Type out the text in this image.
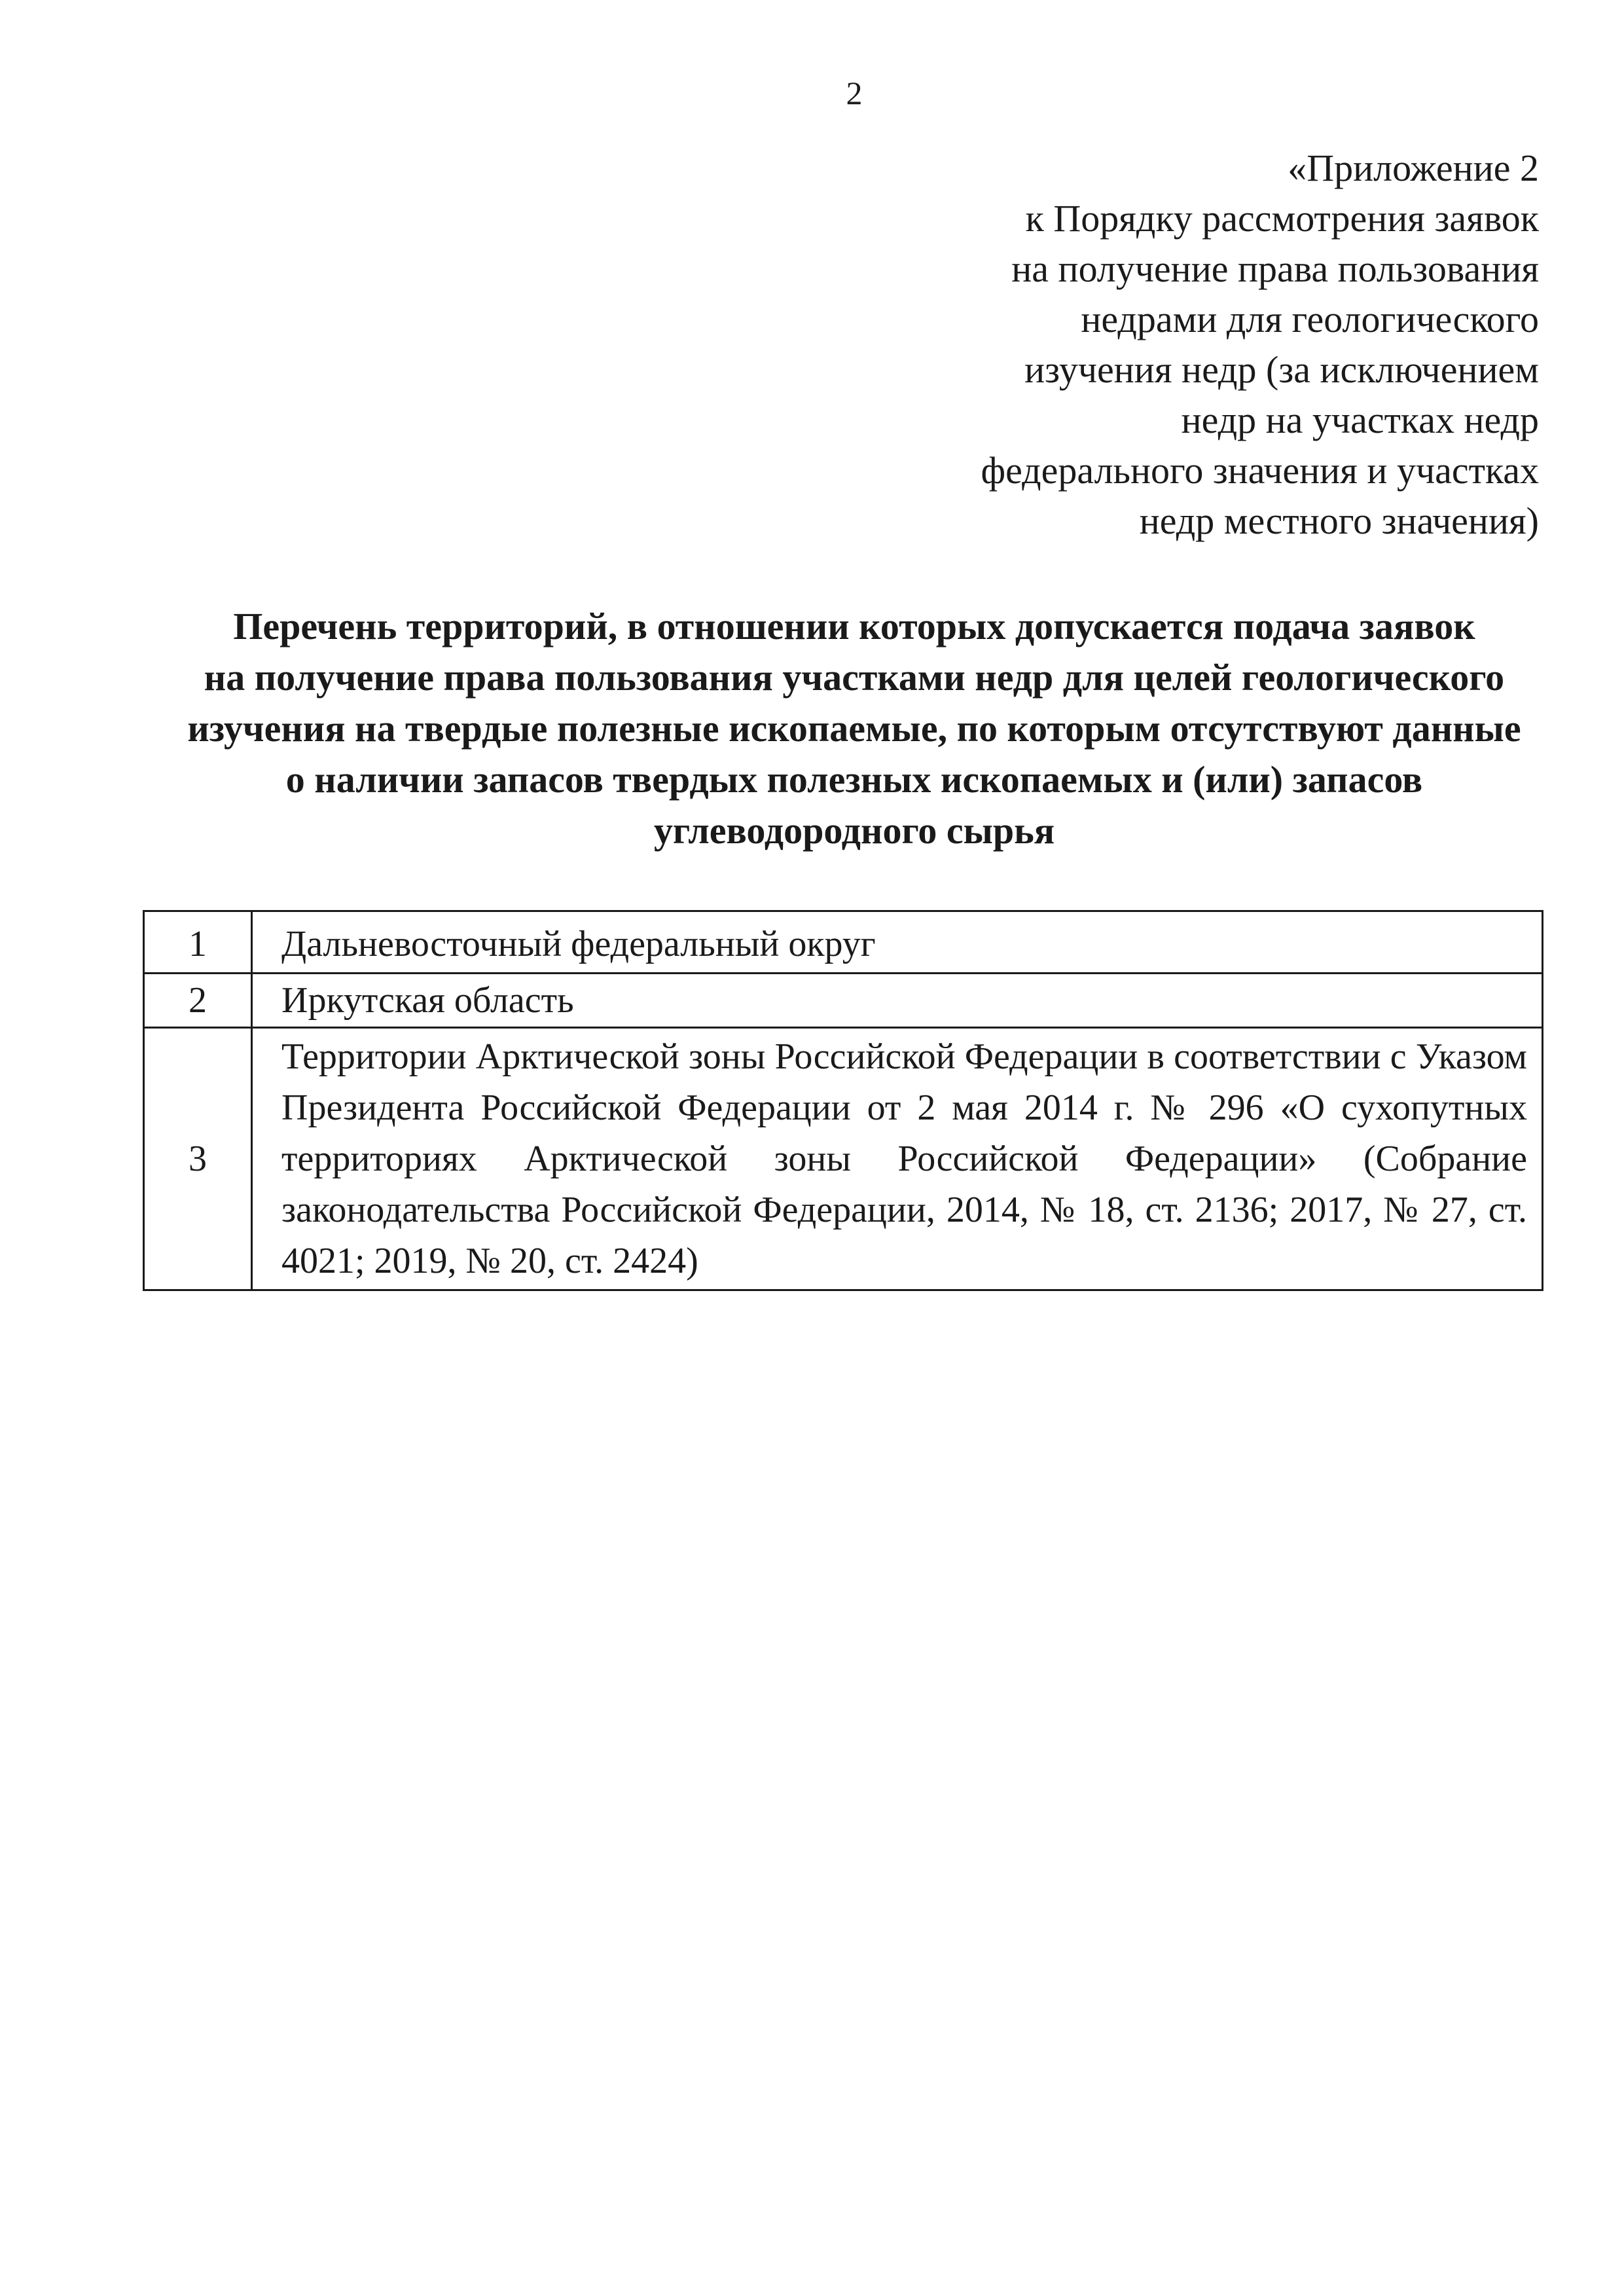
2
«Приложение 2
к Порядку рассмотрения заявок
на получение права пользования
недрами для геологического
изучения недр (за исключением
недр на участках недр
федерального значения и участках
недр местного значения)
Перечень территорий, в отношении которых допускается подача заявок
на получение права пользования участками недр для целей геологического
изучения на твердые полезные ископаемые, по которым отсутствуют данные
о наличии запасов твердых полезных ископаемых и (или) запасов
углеводородного сырья
1	Дальневосточный федеральный округ
2	Иркутская область
3	Территории Арктической зоны Российской Федерации в соответствии с Указом Президента Российской Федерации от 2 мая 2014 г. № 296 «О сухопутных территориях Арктической зоны Российской Федерации» (Собрание законодательства Российской Федерации, 2014, № 18, ст. 2136; 2017, № 27, ст. 4021; 2019, № 20, ст. 2424)
